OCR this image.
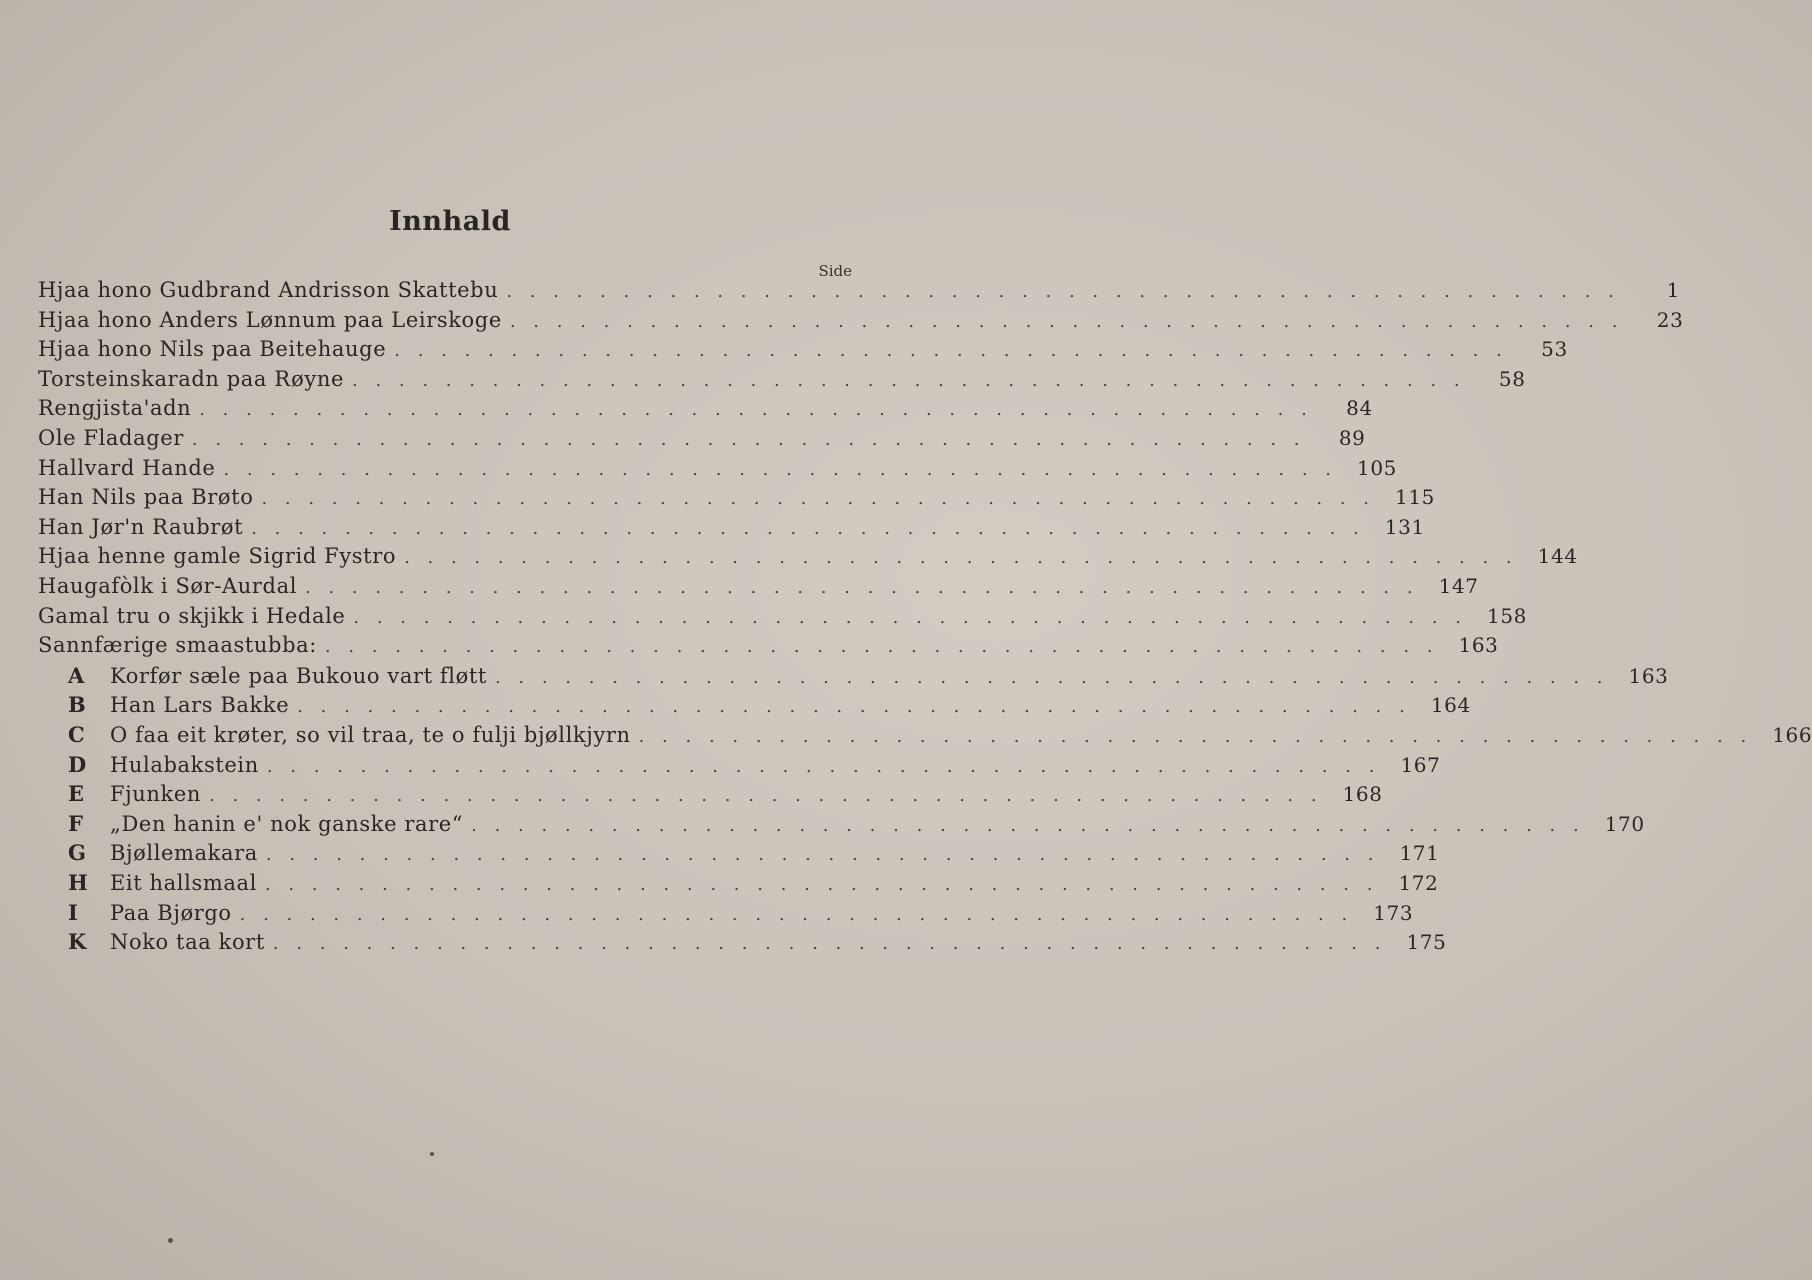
Innhald
Side
Hjaa hono Gudbrand Andrisson Skattebu . . . . . . . . . . . . . . . . . . . . . . . . . . . . . . . . . . . . . . . . . . . . . . . .	1
Hjaa hono Anders Lønnum paa Leirskoge . . . . . . . . . . . . . . . . . . . . . . . . . . . . . . . . . . . . . . . . . . . . . . . .	23
Hjaa hono Nils paa Beitehauge . . . . . . . . . . . . . . . . . . . . . . . . . . . . . . . . . . . . . . . . . . . . . . . .	53
Torsteinskaradn paa Røyne . . . . . . . . . . . . . . . . . . . . . . . . . . . . . . . . . . . . . . . . . . . . . . . .	58
Rengjista'adn . . . . . . . . . . . . . . . . . . . . . . . . . . . . . . . . . . . . . . . . . . . . . . . .	84
Ole Fladager . . . . . . . . . . . . . . . . . . . . . . . . . . . . . . . . . . . . . . . . . . . . . . . .	89
Hallvard Hande . . . . . . . . . . . . . . . . . . . . . . . . . . . . . . . . . . . . . . . . . . . . . . . .	105
Han Nils paa Brøto . . . . . . . . . . . . . . . . . . . . . . . . . . . . . . . . . . . . . . . . . . . . . . . .	115
Han Jør'n Raubrøt . . . . . . . . . . . . . . . . . . . . . . . . . . . . . . . . . . . . . . . . . . . . . . . .	131
Hjaa henne gamle Sigrid Fystro . . . . . . . . . . . . . . . . . . . . . . . . . . . . . . . . . . . . . . . . . . . . . . . .	144
Haugafòlk i Sør-Aurdal . . . . . . . . . . . . . . . . . . . . . . . . . . . . . . . . . . . . . . . . . . . . . . . .	147
Gamal tru o skjikk i Hedale . . . . . . . . . . . . . . . . . . . . . . . . . . . . . . . . . . . . . . . . . . . . . . . .	158
Sannfærige smaastubba: . . . . . . . . . . . . . . . . . . . . . . . . . . . . . . . . . . . . . . . . . . . . . . . .	163
A	Korfør sæle paa Bukouo vart fløtt . . . . . . . . . . . . . . . . . . . . . . . . . . . . . . . . . . . . . . . . . . . . . . . .	163
B	Han Lars Bakke . . . . . . . . . . . . . . . . . . . . . . . . . . . . . . . . . . . . . . . . . . . . . . . .	164
C	O faa eit krøter, so vil traa, te o fulji bjøllkjyrn . . . . . . . . . . . . . . . . . . . . . . . . . . . . . . . . . . . . . . . . . . . . . . . .	166
D	Hulabakstein . . . . . . . . . . . . . . . . . . . . . . . . . . . . . . . . . . . . . . . . . . . . . . . .	167
E	Fjunken . . . . . . . . . . . . . . . . . . . . . . . . . . . . . . . . . . . . . . . . . . . . . . . .	168
F	„Den hanin e' nok ganske rare“ . . . . . . . . . . . . . . . . . . . . . . . . . . . . . . . . . . . . . . . . . . . . . . . .	170
G	Bjøllemakara . . . . . . . . . . . . . . . . . . . . . . . . . . . . . . . . . . . . . . . . . . . . . . . .	171
H	Eit hallsmaal . . . . . . . . . . . . . . . . . . . . . . . . . . . . . . . . . . . . . . . . . . . . . . . .	172
I	Paa Bjørgo . . . . . . . . . . . . . . . . . . . . . . . . . . . . . . . . . . . . . . . . . . . . . . . .	173
K	Noko taa kort . . . . . . . . . . . . . . . . . . . . . . . . . . . . . . . . . . . . . . . . . . . . . . . .	175
